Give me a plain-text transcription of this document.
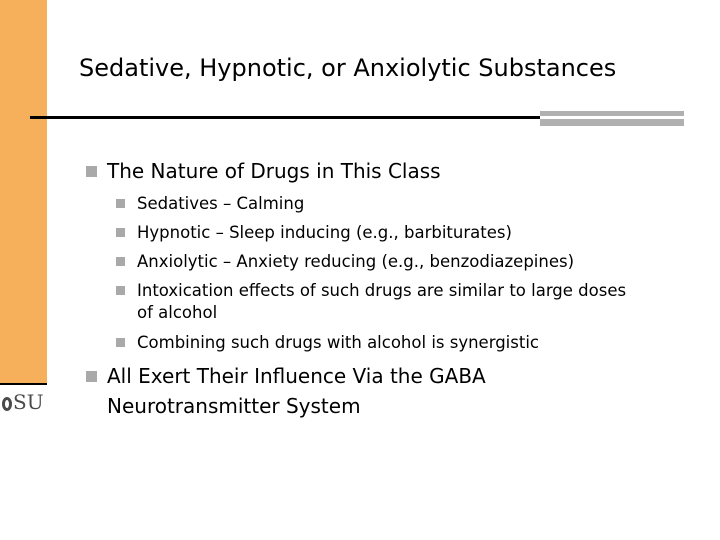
SU
Sedative, Hypnotic, or Anxiolytic Substances
The Nature of Drugs in This Class
Sedatives – Calming
Hypnotic – Sleep inducing (e.g., barbiturates)
Anxiolytic – Anxiety reducing (e.g., benzodiazepines)
Intoxication effects of such drugs are similar to large doses
of alcohol
Combining such drugs with alcohol is synergistic
All Exert Their Influence Via the GABA
Neurotransmitter System
